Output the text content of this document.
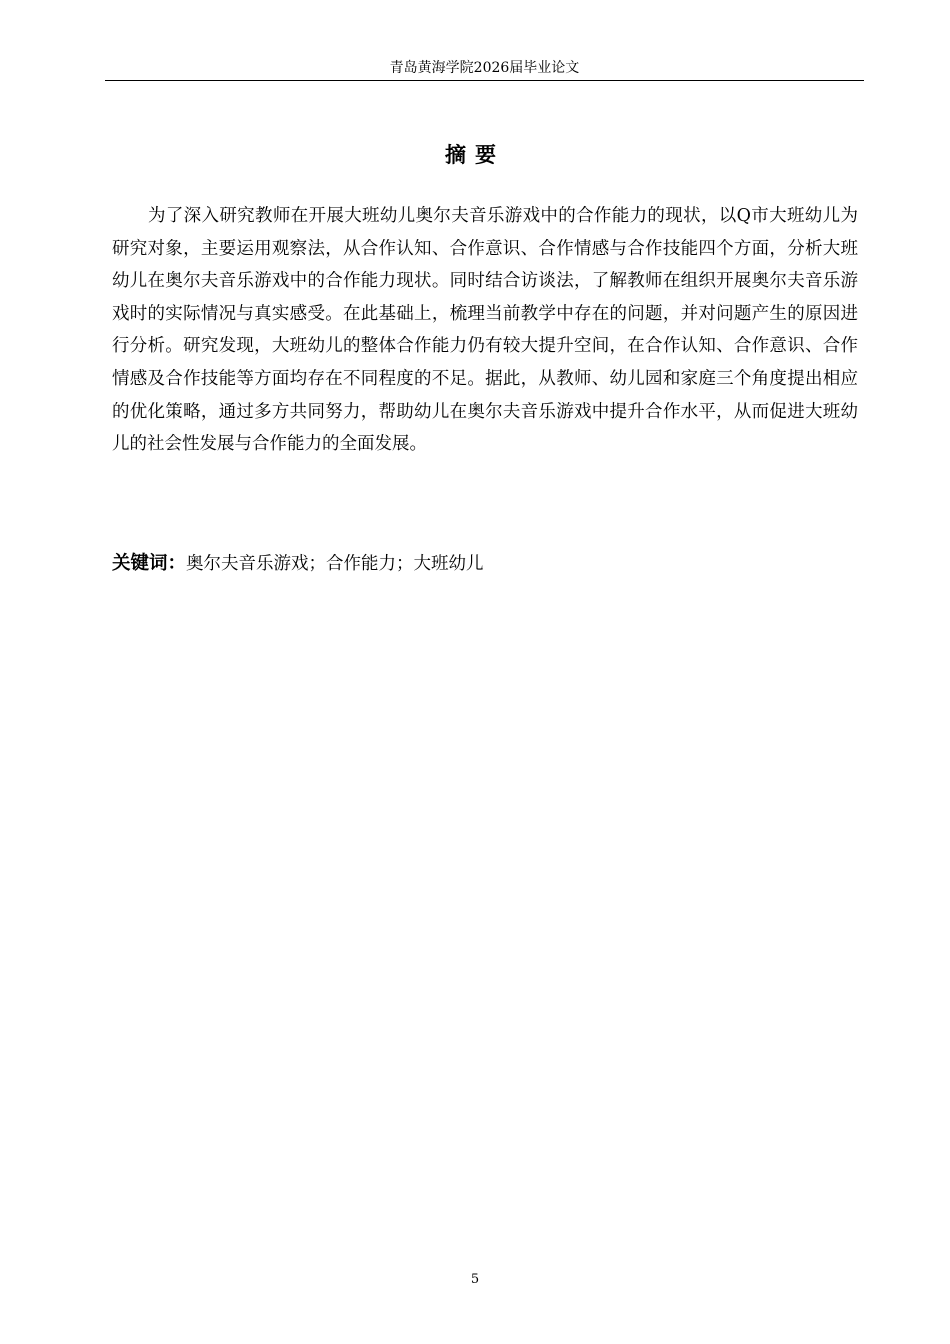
青岛黄海学院2026届毕业论文
摘要

为了深入研究教师在开展大班幼儿奥尔夫音乐游戏中的合作能力的现状，以Q市大班幼儿为研究对象，主要运用观察法，从合作认知、合作意识、合作情感与合作技能四个方面，分析大班幼儿在奥尔夫音乐游戏中的合作能力现状。同时结合访谈法，了解教师在组织开展奥尔夫音乐游戏时的实际情况与真实感受。在此基础上，梳理当前教学中存在的问题，并对问题产生的原因进行分析。研究发现，大班幼儿的整体合作能力仍有较大提升空间，在合作认知、合作意识、合作情感及合作技能等方面均存在不同程度的不足。据此，从教师、幼儿园和家庭三个角度提出相应的优化策略，通过多方共同努力，帮助幼儿在奥尔夫音乐游戏中提升合作水平，从而促进大班幼儿的社会性发展与合作能力的全面发展。

关键词：奥尔夫音乐游戏；合作能力；大班幼儿
5
